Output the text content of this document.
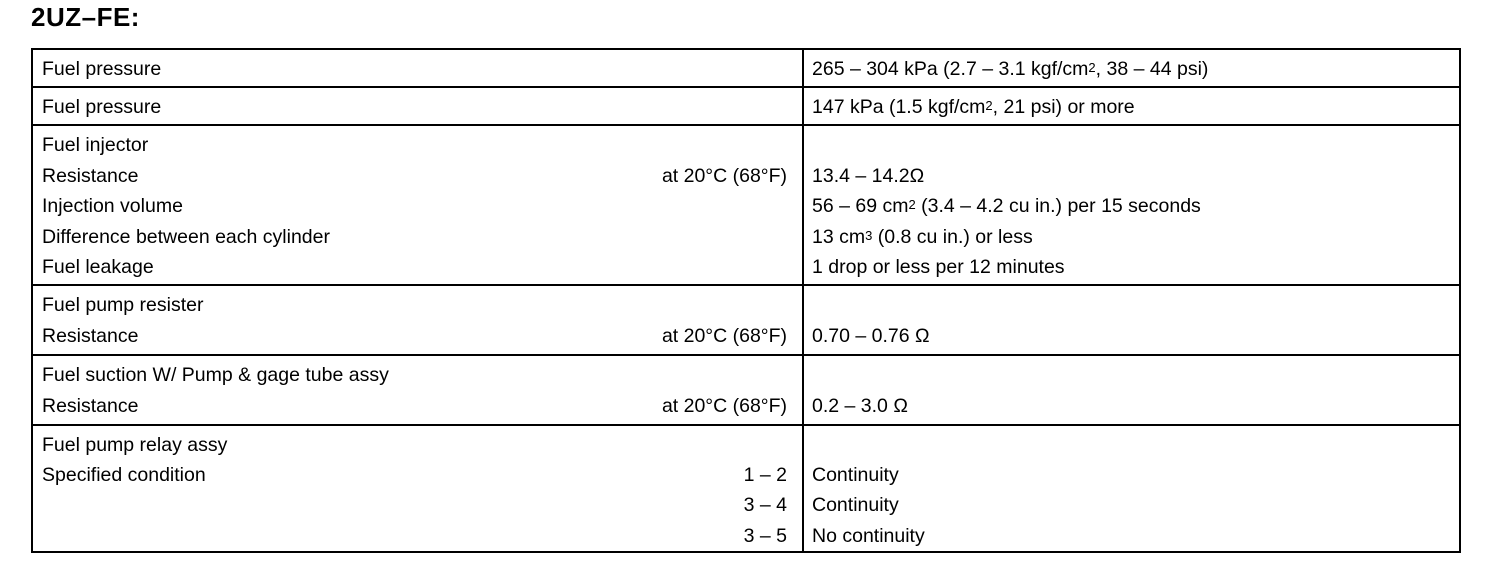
2UZ–FE:
Fuel pressure	265 – 304 kPa (2.7 – 3.1 kgf/$cm^2$, 38 – 44 psi)
Fuel pressure	147 kPa (1.5 kgf/$cm^2$, 21 psi) or more
Fuel injector
Resistance	at 20°C (68°F) 13.4 – 14.2Ω
Injection volume	56 – 69 $cm^2$ (3.4 – 4.2 cu in.) per 15 seconds
Difference between each cylinder	13 $cm^3$ (0.8 cu in.) or less
Fuel leakage	1 drop or less per 12 minutes
Fuel pump resister
Resistance	at 20°C (68°F) 0.70 – 0.76 Ω
Fuel suction W/ Pump & gage tube assy
Resistance	at 20°C (68°F) 0.2 – 3.0 Ω
Fuel pump relay assy
Specified condition	1 – 2 Continuity
3 – 4 Continuity
3 – 5 No continuity
